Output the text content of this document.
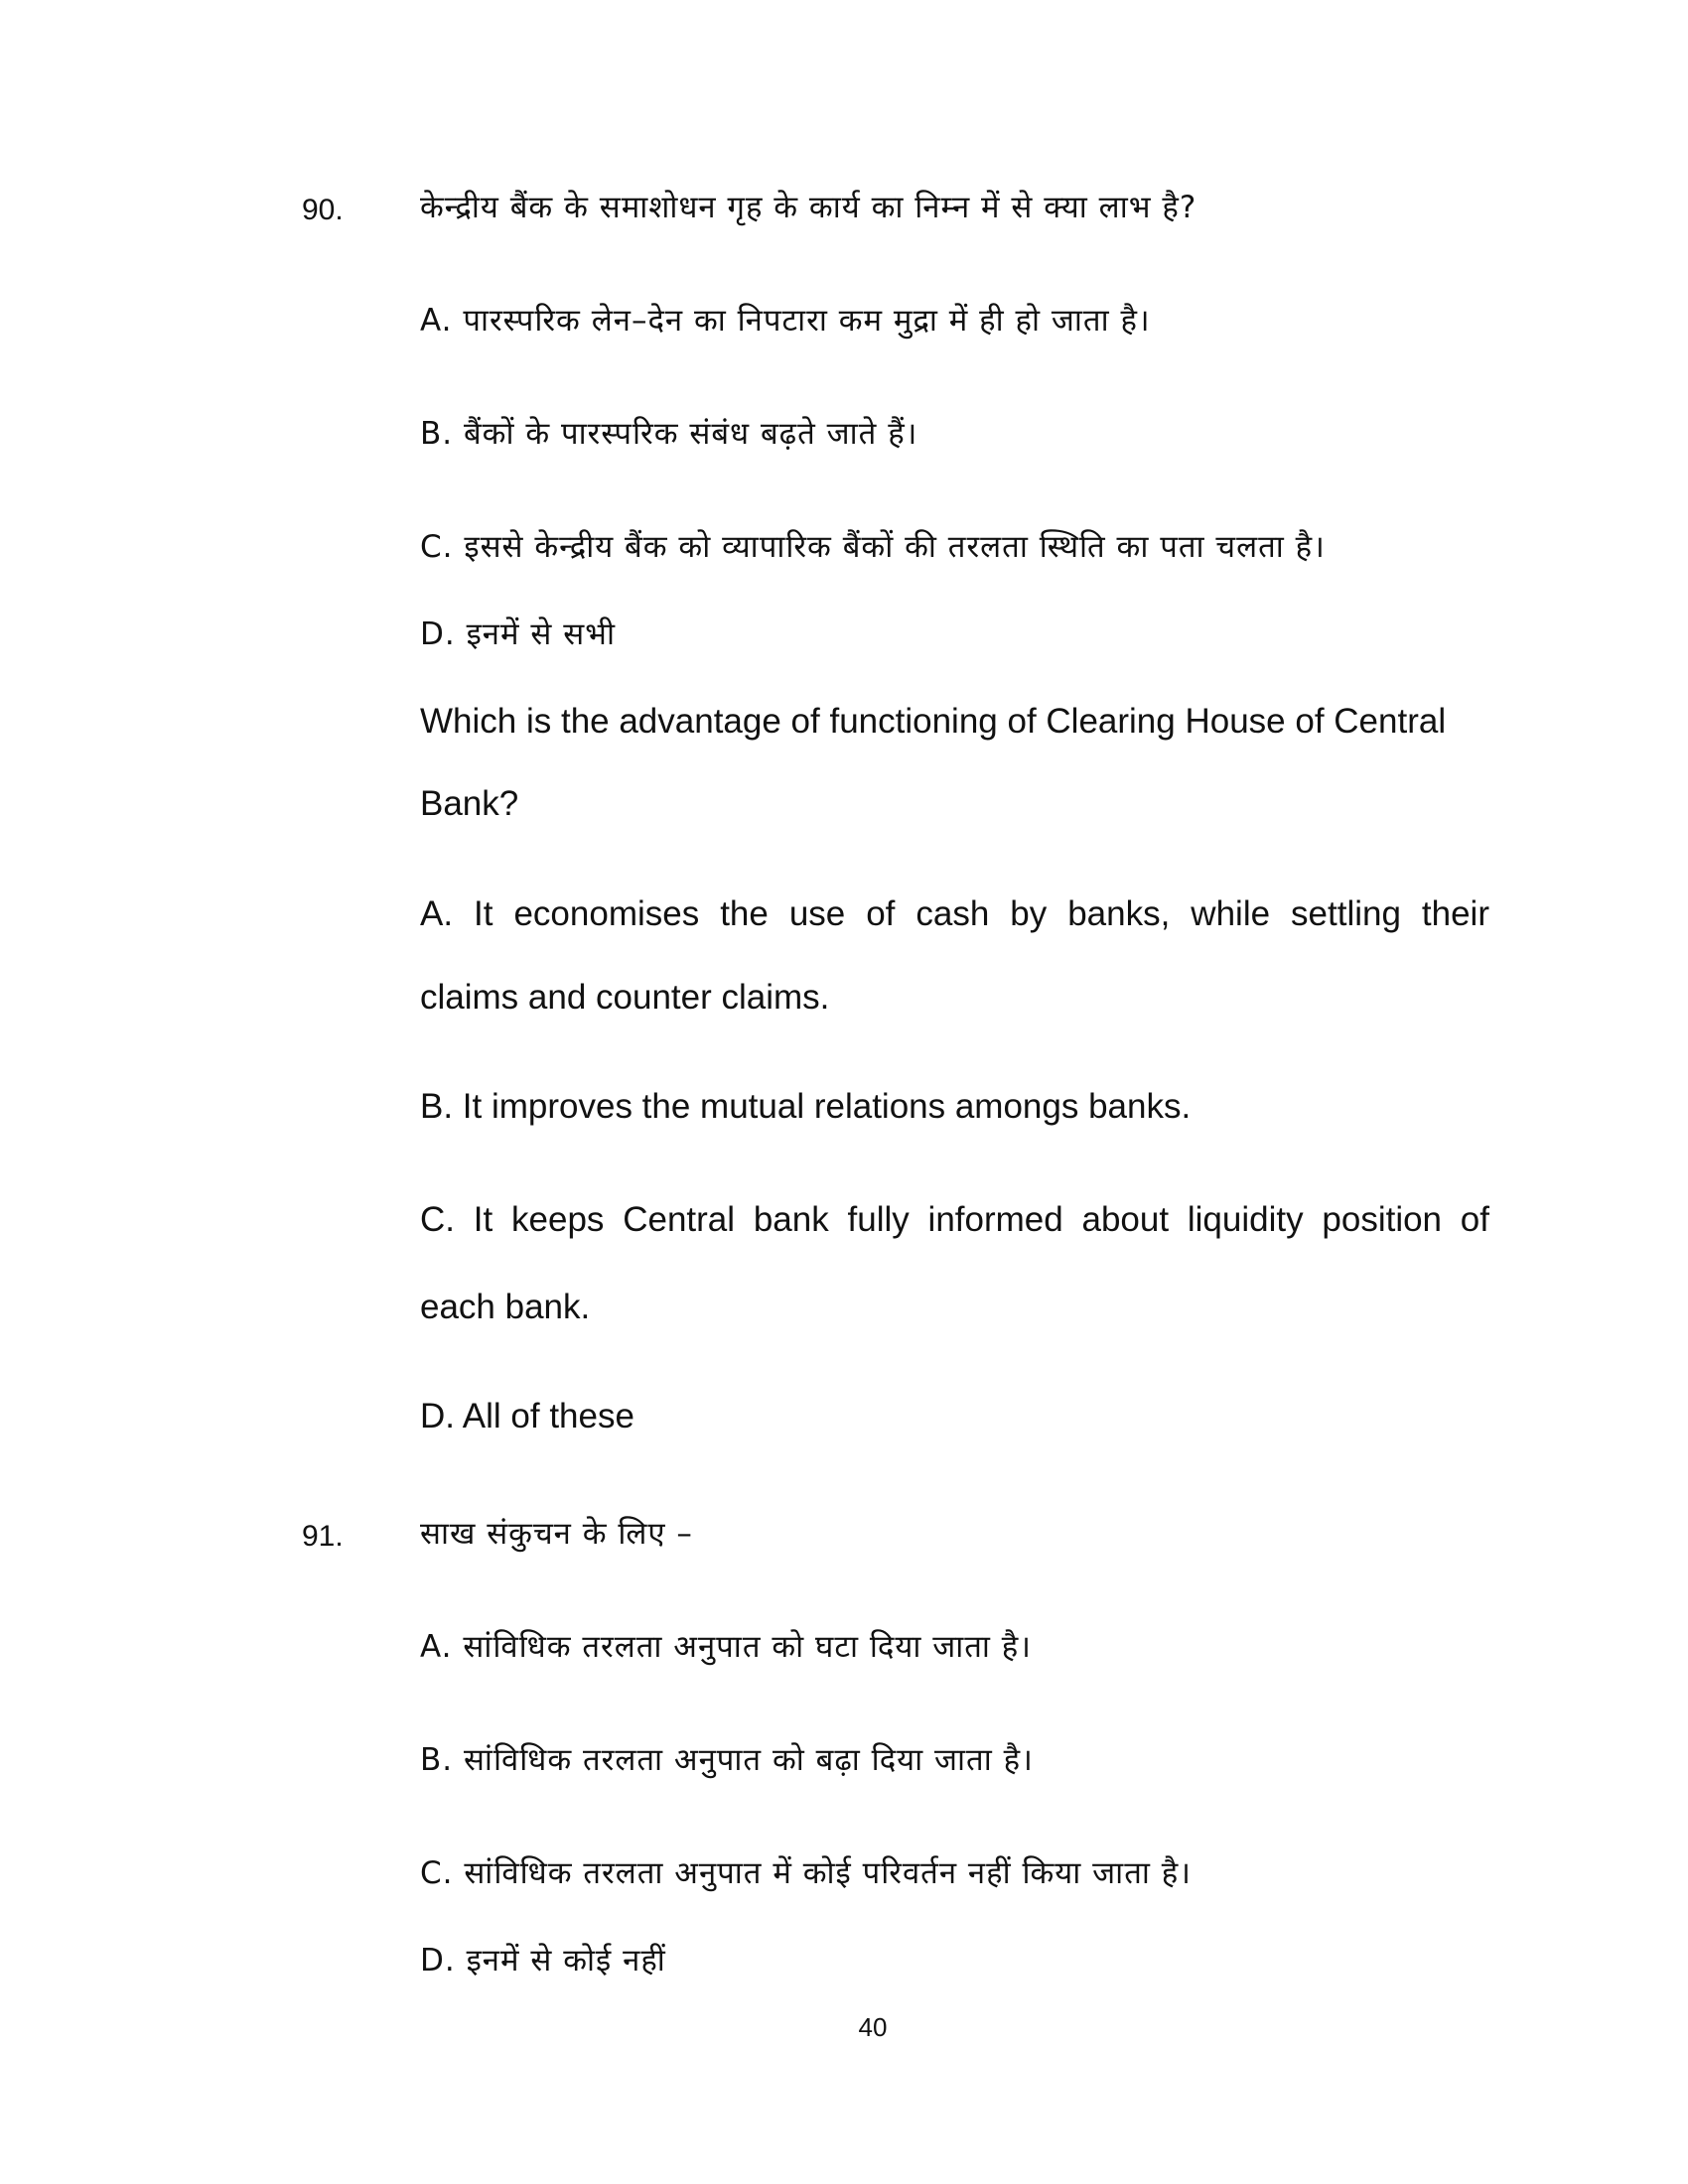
90. केन्द्रीय बैंक के समाशोधन गृह के कार्य का निम्न में से क्या लाभ है?
A. पारस्परिक लेन–देन का निपटारा कम मुद्रा में ही हो जाता है।
B. बैंकों के पारस्परिक संबंध बढ़ते जाते हैं।
C. इससे केन्द्रीय बैंक को व्यापारिक बैंकों की तरलता स्थिति का पता चलता है।
D. इनमें से सभी
Which is the advantage of functioning of Clearing House of Central
Bank?
A. It economises the use of cash by banks, while settling their
claims and counter claims.
B. It improves the mutual relations amongs banks.
C. It keeps Central bank fully informed about liquidity position of
each bank.
D. All of these
91. साख संकुचन के लिए –
A. सांविधिक तरलता अनुपात को घटा दिया जाता है।
B. सांविधिक तरलता अनुपात को बढ़ा दिया जाता है।
C. सांविधिक तरलता अनुपात में कोई परिवर्तन नहीं किया जाता है।
D. इनमें से कोई नहीं
40
